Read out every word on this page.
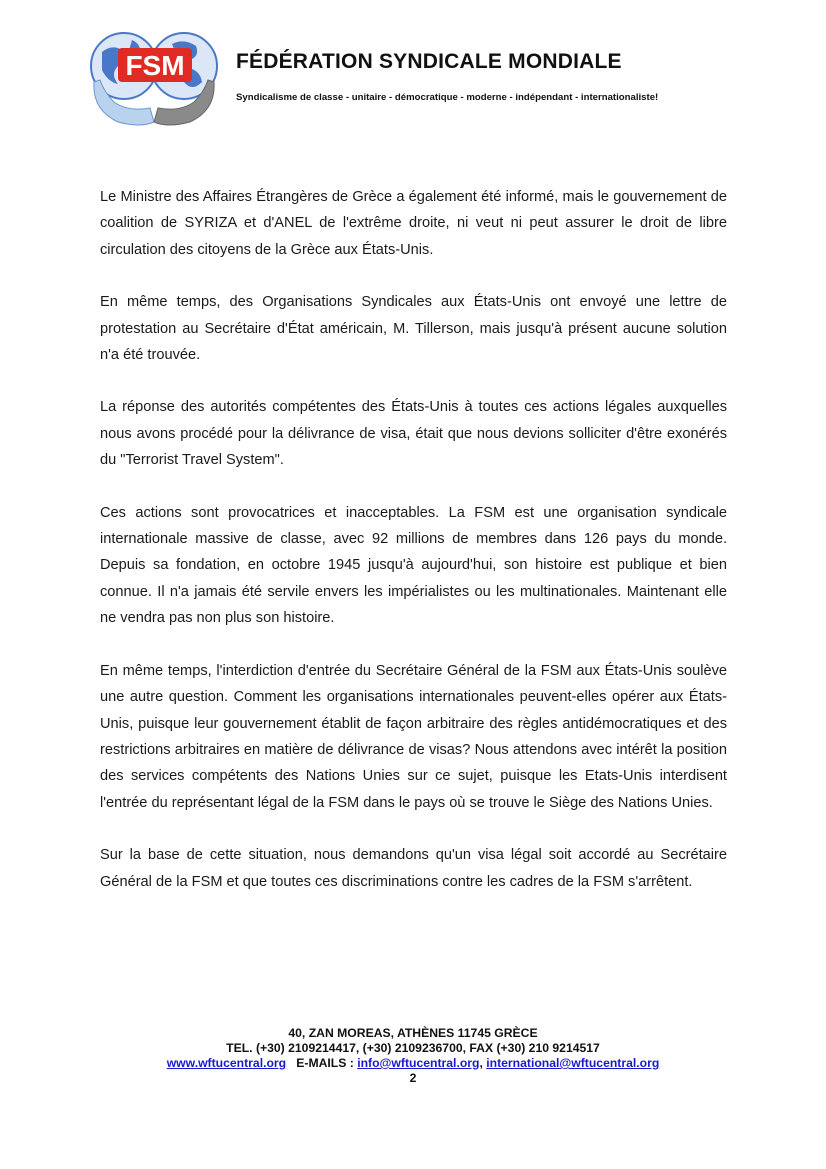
FSM FÉDÉRATION SYNDICALE MONDIALE
Syndicalisme de classe - unitaire - démocratique - moderne - indépendant - internationaliste!

Le Ministre des Affaires Étrangères de Grèce a également été informé, mais le gouvernement de coalition de SYRIZA et d'ANEL de l'extrême droite, ni veut ni peut assurer le droit de libre circulation des citoyens de la Grèce aux États-Unis.

En même temps, des Organisations Syndicales aux États-Unis ont envoyé une lettre de protestation au Secrétaire d'État américain, M. Tillerson, mais jusqu'à présent aucune solution n'a été trouvée.

La réponse des autorités compétentes des États-Unis à toutes ces actions légales auxquelles nous avons procédé pour la délivrance de visa, était que nous devions solliciter d'être exonérés du "Terrorist Travel System".

Ces actions sont provocatrices et inacceptables. La FSM est une organisation syndicale internationale massive de classe, avec 92 millions de membres dans 126 pays du monde. Depuis sa fondation, en octobre 1945 jusqu'à aujourd'hui, son histoire est publique et bien connue. Il n'a jamais été servile envers les impérialistes ou les multinationales. Maintenant elle ne vendra pas non plus son histoire.

En même temps, l'interdiction d'entrée du Secrétaire Général de la FSM aux États-Unis soulève une autre question. Comment les organisations internationales peuvent-elles opérer aux États-Unis, puisque leur gouvernement établit de façon arbitraire des règles antidémocratiques et des restrictions arbitraires en matière de délivrance de visas? Nous attendons avec intérêt la position des services compétents des Nations Unies sur ce sujet, puisque les Etats-Unis interdisent l'entrée du représentant légal de la FSM dans le pays où se trouve le Siège des Nations Unies.

Sur la base de cette situation, nous demandons qu'un visa légal soit accordé au Secrétaire Général de la FSM et que toutes ces discriminations contre les cadres de la FSM s'arrêtent.

40, ZAN MOREAS, ATHÈNES 11745 GRÈCE
TEL. (+30) 2109214417, (+30) 2109236700, FAX (+30) 210 9214517
www.wftucentral.org E-MAILS : info@wftucentral.org, international@wftucentral.org
2
